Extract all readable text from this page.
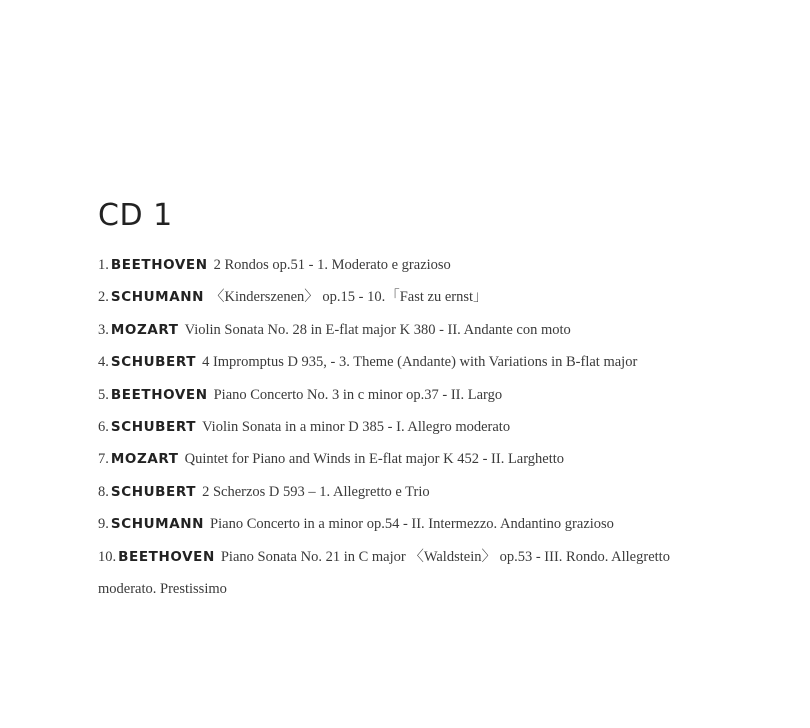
CD 1
1. BEETHOVEN 2 Rondos op.51 - 1. Moderato e grazioso
2. SCHUMANN 〈Kinderszenen〉 op.15 - 10.「Fast zu ernst」
3. MOZART Violin Sonata No. 28 in E-flat major K 380 - II. Andante con moto
4. SCHUBERT 4 Impromptus D 935, - 3. Theme (Andante) with Variations in B-flat major
5. BEETHOVEN Piano Concerto No. 3 in c minor op.37 - II. Largo
6. SCHUBERT Violin Sonata in a minor D 385 - I. Allegro moderato
7. MOZART Quintet for Piano and Winds in E-flat major K 452 - II. Larghetto
8. SCHUBERT 2 Scherzos D 593 – 1. Allegretto e Trio
9. SCHUMANN Piano Concerto in a minor op.54 - II. Intermezzo. Andantino grazioso
10. BEETHOVEN Piano Sonata No. 21 in C major 〈Waldstein〉 op.53 - III. Rondo. Allegretto moderato. Prestissimo
